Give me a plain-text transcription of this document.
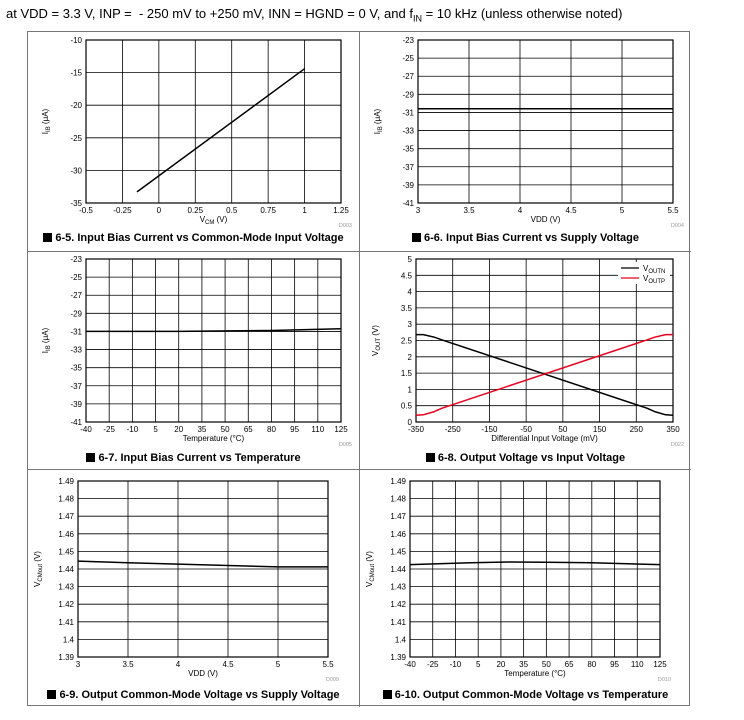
at VDD = 3.3 V, INP =  - 250 mV to +250 mV, INN = HGND = 0 V, and $f_{IN} = 10$ kHz (unless otherwise noted)
-0.5	-0.25	0	0.25	0.5	0.75	1	1.25
-35
-30
-25
-20
-15
-10
$V_{CM}$ (V)
$I_{IB}$ (μA)
D003
6-5. Input Bias Current vs Common-Mode Input Voltage
3	3.5	4	4.5	5	5.5
-41
-39
-37
-35
-33
-31
-29
-27
-25
-23
VDD (V)
$I_{IB}$ (μA)
D004
6-6. Input Bias Current vs Supply Voltage
-40 -25 -10 5 20 35 50 65 80 95 110 125
-41
-39
-37
-35
-33
-31
-29
-27
-25
-23
Temperature (°C)
$I_{IB}$ (μA)
D005
6-7. Input Bias Current vs Temperature
-350	-250	-150	-50	50	150	250	350
0
0.5
1
1.5
2
2.5
3
3.5
4
4.5
5
Differential Input Voltage (mV)
$V_{OUT}$ (V)
D022
$V_{OUTN}$
$V_{OUTP}$
6-8. Output Voltage vs Input Voltage
3	3.5	4	4.5	5	5.5
1.39
1.4
1.41
1.42
1.43
1.44
1.45
1.46
1.47
1.48
1.49
VDD (V)
$V_{CMout}$ (V)
D009
6-9. Output Common-Mode Voltage vs Supply Voltage
-40 -25 -10 5 20 35 50 65 80 95 110 125
1.39
1.4
1.41
1.42
1.43
1.44
1.45
1.46
1.47
1.48
1.49
Temperature (°C)
$V_{CMout}$ (V)
D010
6-10. Output Common-Mode Voltage vs Temperature
